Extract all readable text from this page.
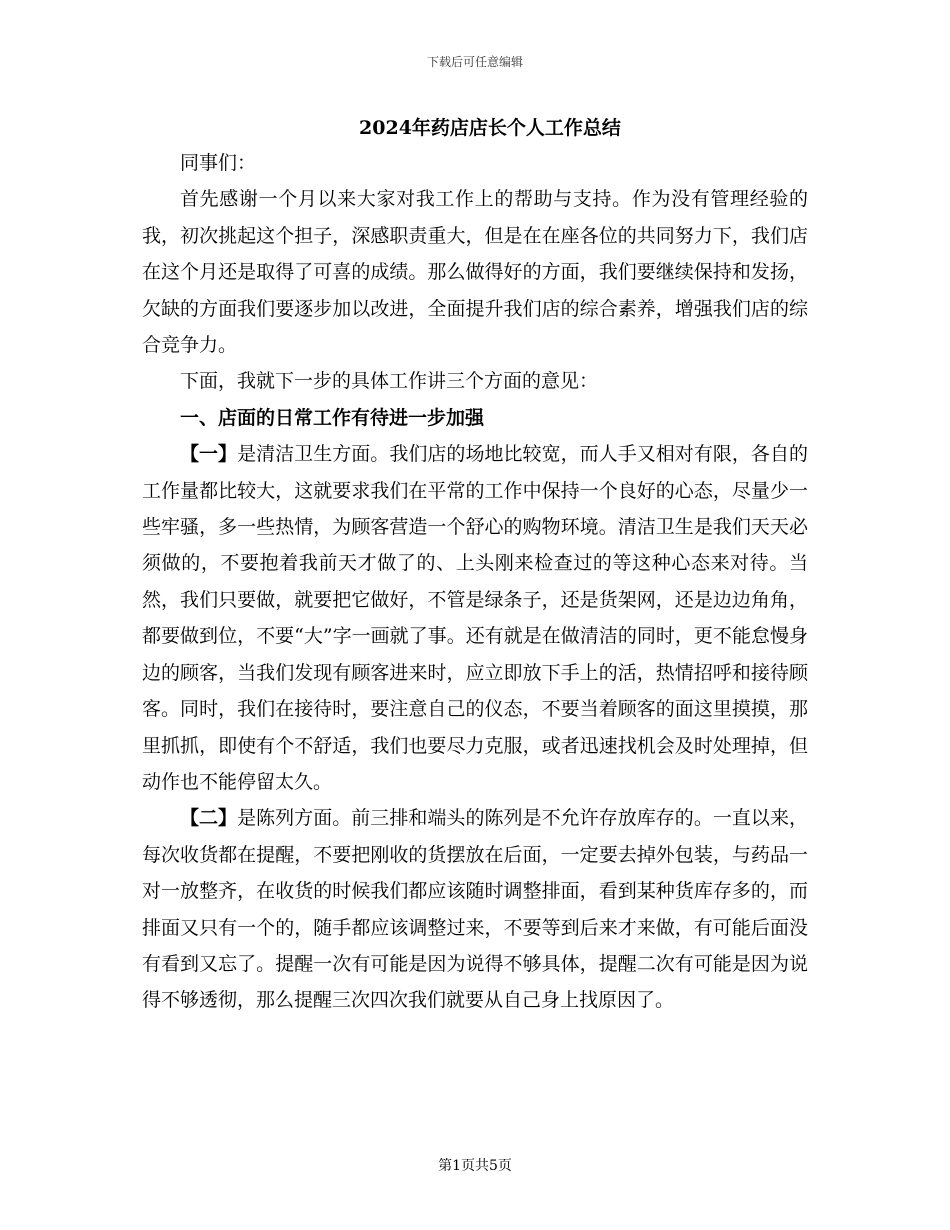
下载后可任意编辑
2024年药店店长个人工作总结

同事们：

首先感谢一个月以来大家对我工作上的帮助与支持。作为没有管理经验的我，初次挑起这个担子，深感职责重大，但是在在座各位的共同努力下，我们店在这个月还是取得了可喜的成绩。那么做得好的方面，我们要继续保持和发扬，欠缺的方面我们要逐步加以改进，全面提升我们店的综合素养，增强我们店的综合竞争力。

下面，我就下一步的具体工作讲三个方面的意见：

一、店面的日常工作有待进一步加强

【一】是清洁卫生方面。我们店的场地比较宽，而人手又相对有限，各自的工作量都比较大，这就要求我们在平常的工作中保持一个良好的心态，尽量少一些牢骚，多一些热情，为顾客营造一个舒心的购物环境。清洁卫生是我们天天必须做的，不要抱着我前天才做了的、上头刚来检查过的等这种心态来对待。当然，我们只要做，就要把它做好，不管是绿条子，还是货架网，还是边边角角，都要做到位，不要“大”字一画就了事。还有就是在做清洁的同时，更不能怠慢身边的顾客，当我们发现有顾客进来时，应立即放下手上的活，热情招呼和接待顾客。同时，我们在接待时，要注意自己的仪态，不要当着顾客的面这里摸摸，那里抓抓，即使有个不舒适，我们也要尽力克服，或者迅速找机会及时处理掉，但动作也不能停留太久。

【二】是陈列方面。前三排和端头的陈列是不允许存放库存的。一直以来，每次收货都在提醒，不要把刚收的货摆放在后面，一定要去掉外包装，与药品一对一放整齐，在收货的时候我们都应该随时调整排面，看到某种货库存多的，而排面又只有一个的，随手都应该调整过来，不要等到后来才来做，有可能后面没有看到又忘了。提醒一次有可能是因为说得不够具体，提醒二次有可能是因为说得不够透彻，那么提醒三次四次我们就要从自己身上找原因了。

第1页共5页
